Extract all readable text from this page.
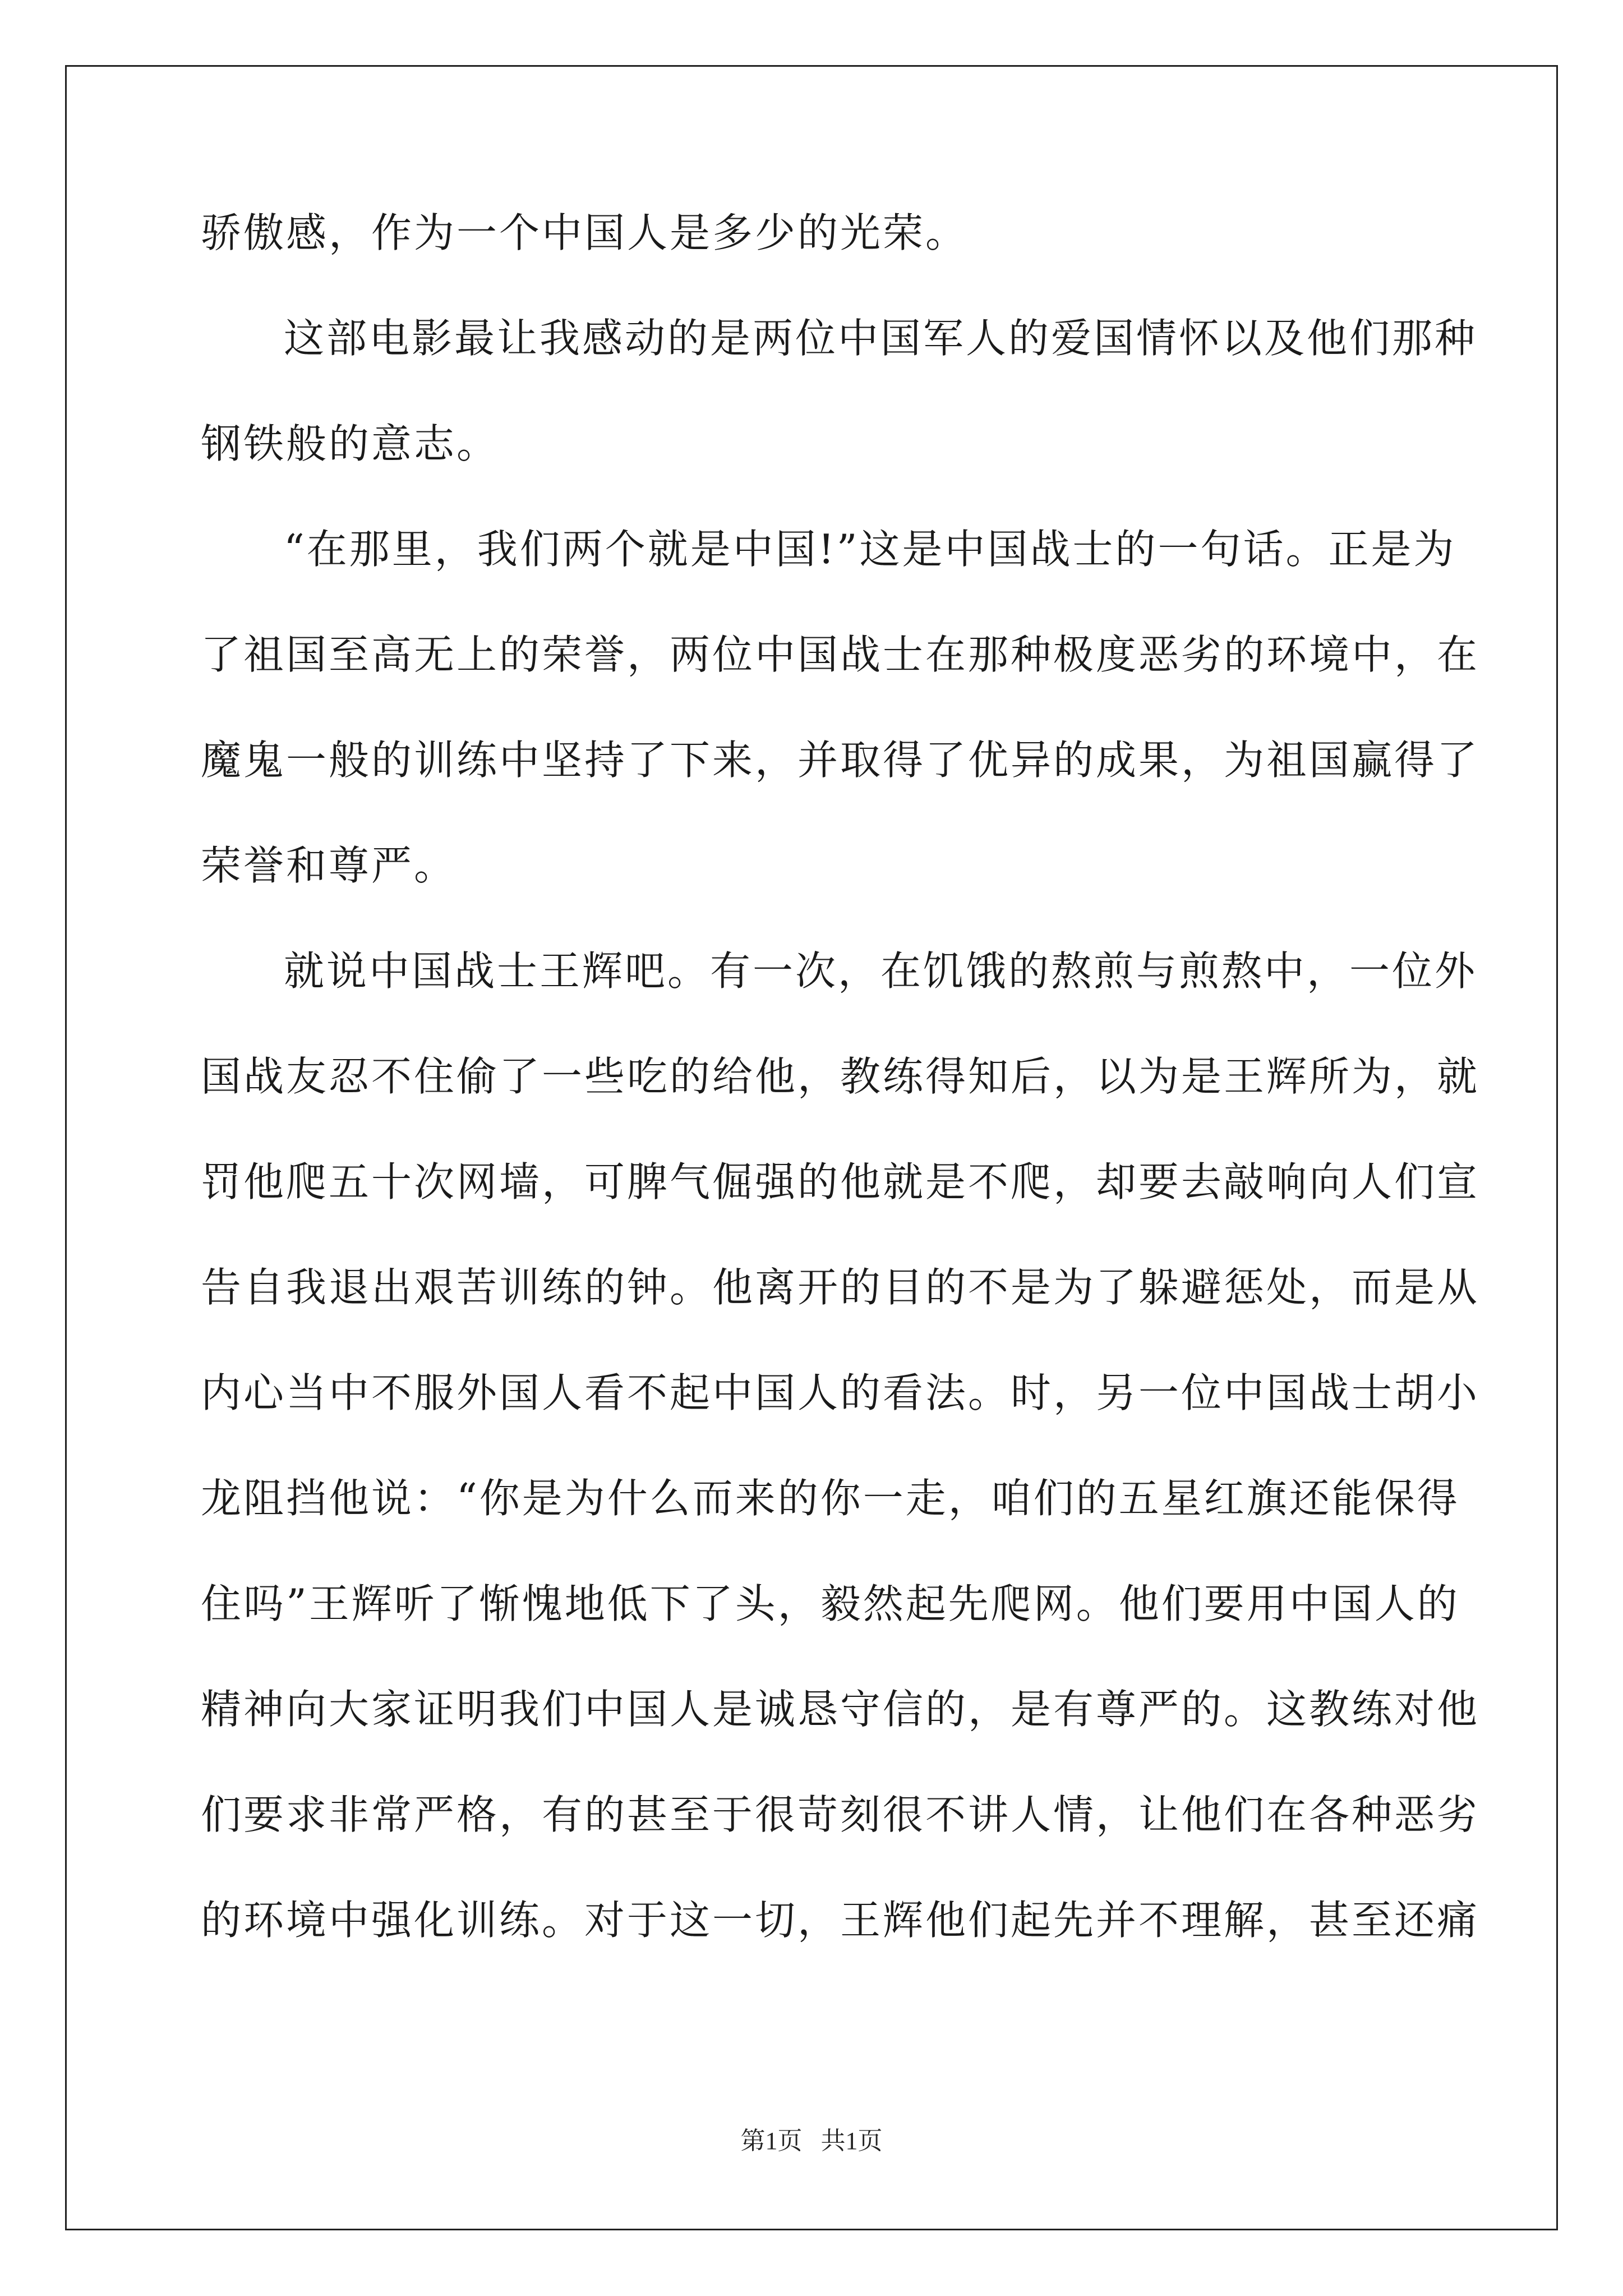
骄傲感，作为一个中国人是多少的光荣。
这部电影最让我感动的是两位中国军人的爱国情怀以及他们那种
钢铁般的意志。
“在那里，我们两个就是中国!”这是中国战士的一句话。正是为
了祖国至高无上的荣誉，两位中国战士在那种极度恶劣的环境中，在
魔鬼一般的训练中坚持了下来，并取得了优异的成果，为祖国赢得了
荣誉和尊严。
就说中国战士王辉吧。有一次，在饥饿的熬煎与煎熬中，一位外
国战友忍不住偷了一些吃的给他，教练得知后，以为是王辉所为，就
罚他爬五十次网墙，可脾气倔强的他就是不爬，却要去敲响向人们宣
告自我退出艰苦训练的钟。他离开的目的不是为了躲避惩处，而是从
内心当中不服外国人看不起中国人的看法。时，另一位中国战士胡小
龙阻挡他说：“你是为什么而来的你一走，咱们的五星红旗还能保得
住吗”王辉听了惭愧地低下了头，毅然起先爬网。他们要用中国人的
精神向大家证明我们中国人是诚恳守信的，是有尊严的。这教练对他
们要求非常严格，有的甚至于很苛刻很不讲人情，让他们在各种恶劣
的环境中强化训练。对于这一切，王辉他们起先并不理解，甚至还痛
第1页   共1页
